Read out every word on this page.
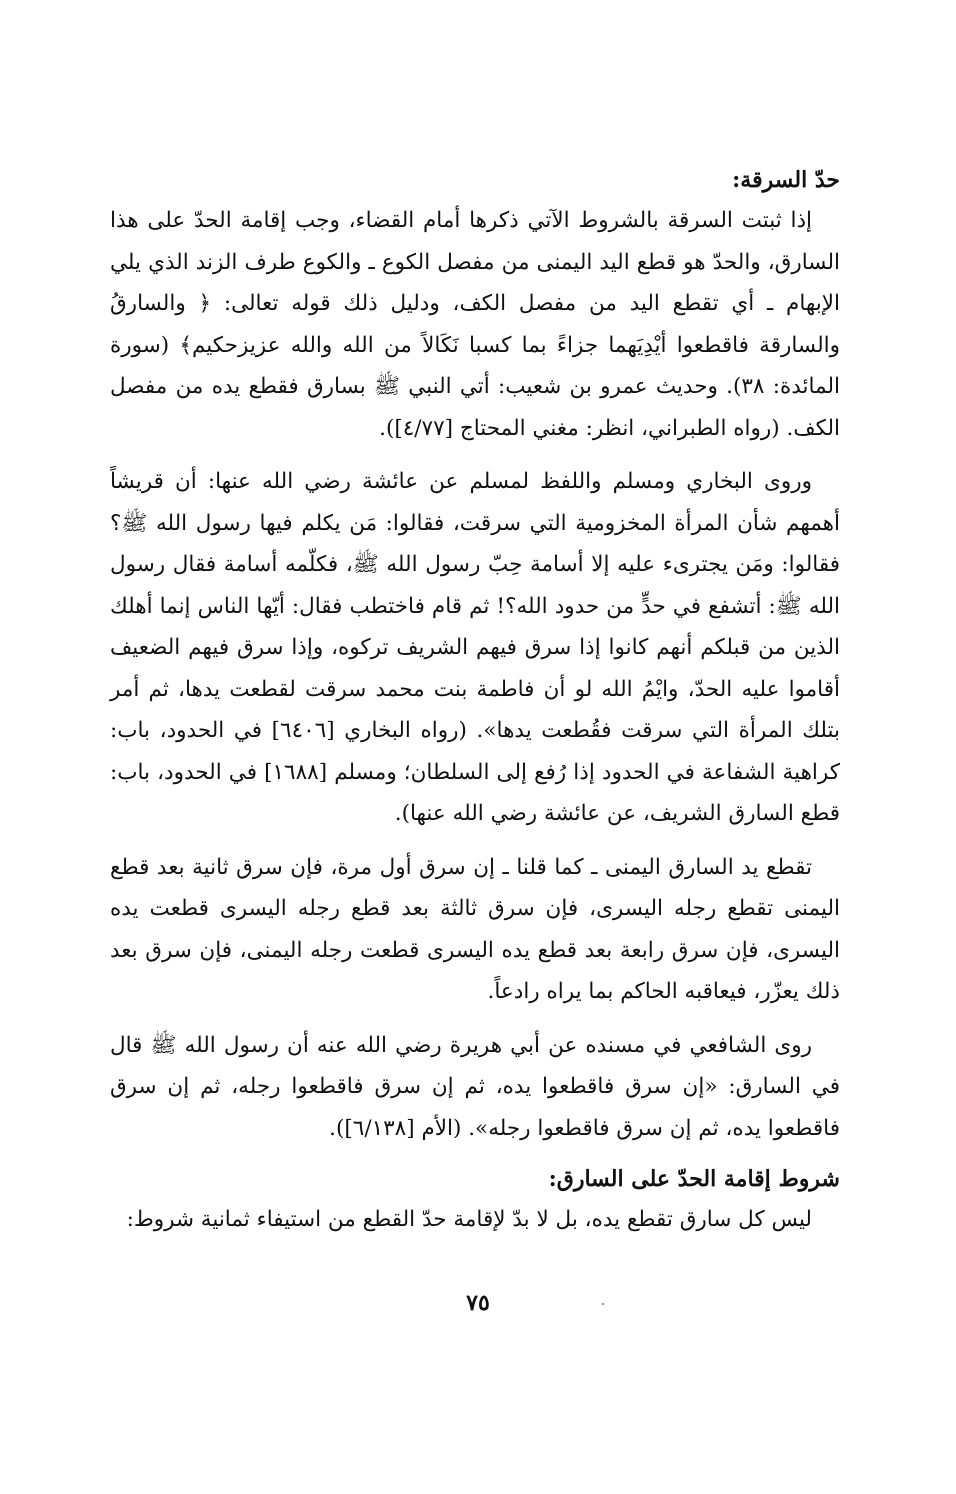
حدّ السرقة:

إذا ثبتت السرقة بالشروط الآتي ذكرها أمام القضاء، وجب إقامة الحدّ على هذا السارق، والحدّ هو قطع اليد اليمنى من مفصل الكوع ـ والكوع طرف الزند الذي يلي الإبهام ـ أي تقطع اليد من مفصل الكف، ودليل ذلك قوله تعالى: ﴿ والسارقُ والسارقة فاقطعوا أيْدِيَهما جزاءً بما كسبا نَكَالاً من الله والله عزيزحكيم﴾ (سورة المائدة: ٣٨). وحديث عمرو بن شعيب: أتي النبي ﷺ بسارق فقطع يده من مفصل الكف. (رواه الطبراني، انظر: مغني المحتاج [٤/٧٧]).

وروى البخاري ومسلم واللفظ لمسلم عن عائشة رضي الله عنها: أن قريشاً أهمهم شأن المرأة المخزومية التي سرقت، فقالوا: مَن يكلم فيها رسول الله ﷺ؟ فقالوا: ومَن يجترىء عليه إلا أسامة حِبّ رسول الله ﷺ، فكلّمه أسامة فقال رسول الله ﷺ: أتشفع في حدٍّ من حدود الله؟! ثم قام فاختطب فقال: أيّها الناس إنما أهلك الذين من قبلكم أنهم كانوا إذا سرق فيهم الشريف تركوه، وإذا سرق فيهم الضعيف أقاموا عليه الحدّ، وايْمُ الله لو أن فاطمة بنت محمد سرقت لقطعت يدها، ثم أمر بتلك المرأة التي سرقت فقُطعت يدها». (رواه البخاري [٦٤٠٦] في الحدود، باب: كراهية الشفاعة في الحدود إذا رُفع إلى السلطان؛ ومسلم [١٦٨٨] في الحدود، باب: قطع السارق الشريف، عن عائشة رضي الله عنها).

تقطع يد السارق اليمنى ـ كما قلنا ـ إن سرق أول مرة، فإن سرق ثانية بعد قطع اليمنى تقطع رجله اليسرى، فإن سرق ثالثة بعد قطع رجله اليسرى قطعت يده اليسرى، فإن سرق رابعة بعد قطع يده اليسرى قطعت رجله اليمنى، فإن سرق بعد ذلك يعزّر، فيعاقبه الحاكم بما يراه رادعاً.

روى الشافعي في مسنده عن أبي هريرة رضي الله عنه أن رسول الله ﷺ قال في السارق: «إن سرق فاقطعوا يده، ثم إن سرق فاقطعوا رجله، ثم إن سرق فاقطعوا يده، ثم إن سرق فاقطعوا رجله». (الأم [٦/١٣٨]).

شروط إقامة الحدّ على السارق:

ليس كل سارق تقطع يده، بل لا بدّ لإقامة حدّ القطع من استيفاء ثمانية شروط:

٧٥
